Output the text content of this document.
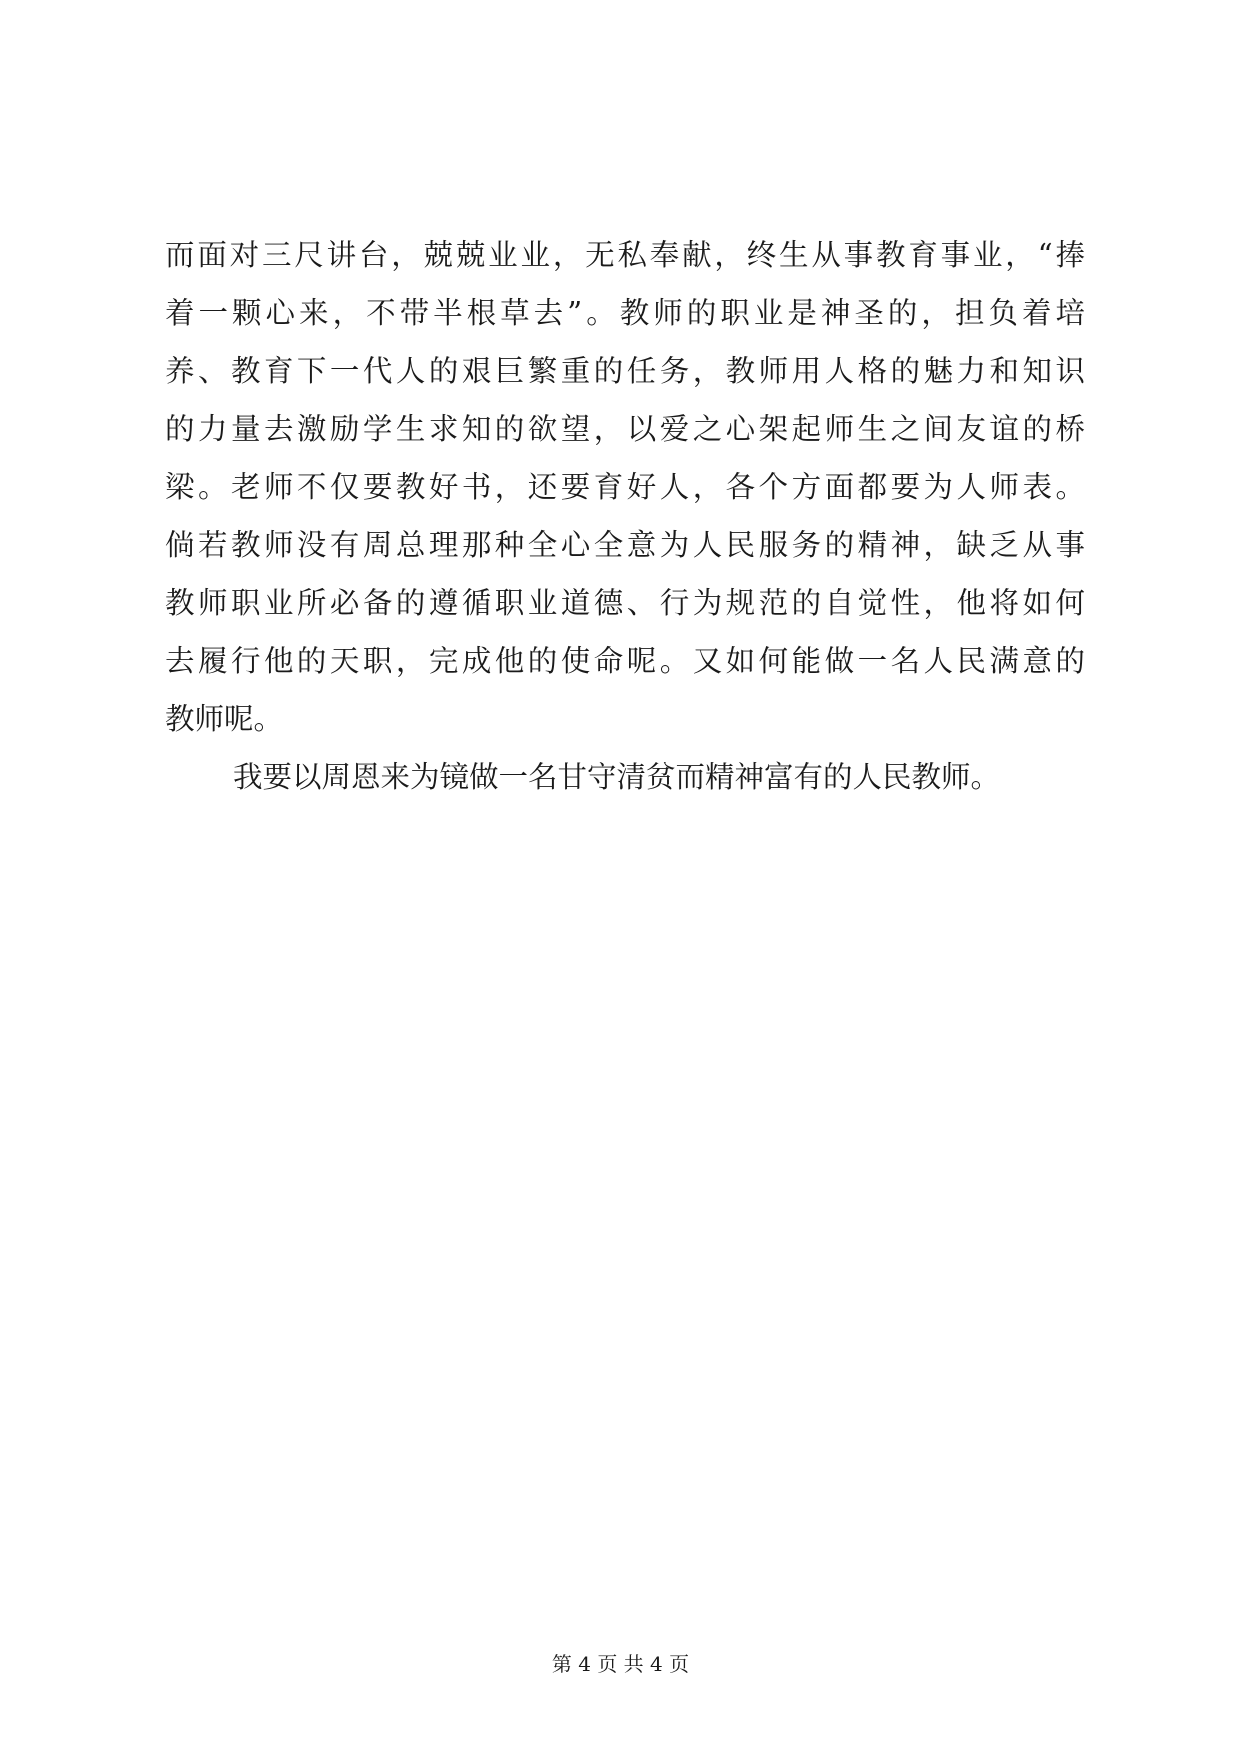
而面对三尺讲台，兢兢业业，无私奉献，终生从事教育事业，“捧
着一颗心来，不带半根草去”。教师的职业是神圣的，担负着培
养、教育下一代人的艰巨繁重的任务，教师用人格的魅力和知识
的力量去激励学生求知的欲望，以爱之心架起师生之间友谊的桥
梁。老师不仅要教好书，还要育好人，各个方面都要为人师表。
倘若教师没有周总理那种全心全意为人民服务的精神，缺乏从事
教师职业所必备的遵循职业道德、行为规范的自觉性，他将如何
去履行他的天职，完成他的使命呢。又如何能做一名人民满意的
教师呢。
我要以周恩来为镜做一名甘守清贫而精神富有的人民教师。
第 4 页 共 4 页
